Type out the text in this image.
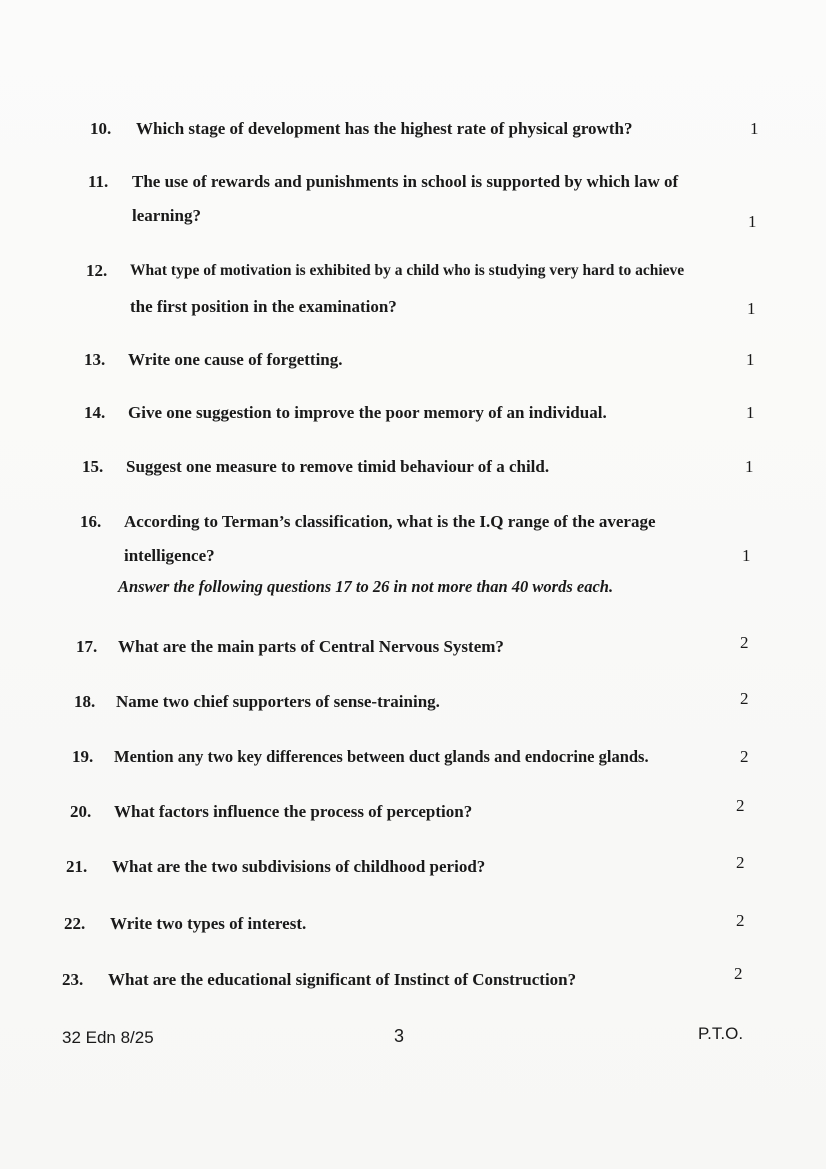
10. Which stage of development has the highest rate of physical growth?	1
11. The use of rewards and punishments in school is supported by which law of
learning?	1
12. What type of motivation is exhibited by a child who is studying very hard to achieve
the first position in the examination?	1
13. Write one cause of forgetting.	1
14. Give one suggestion to improve the poor memory of an individual.	1
15. Suggest one measure to remove timid behaviour of a child.	1
16. According to Terman’s classification, what is the I.Q range of the average
intelligence?	1
Answer the following questions 17 to 26 in not more than 40 words each.
17. What are the main parts of Central Nervous System?	2
18. Name two chief supporters of sense-training.	2
19. Mention any two key differences between duct glands and endocrine glands.	2
20. What factors influence the process of perception?	2
21. What are the two subdivisions of childhood period?	2
22. Write two types of interest.	2
23. What are the educational significant of Instinct of Construction?	2
32 Edn 8/25	3	P.T.O.
